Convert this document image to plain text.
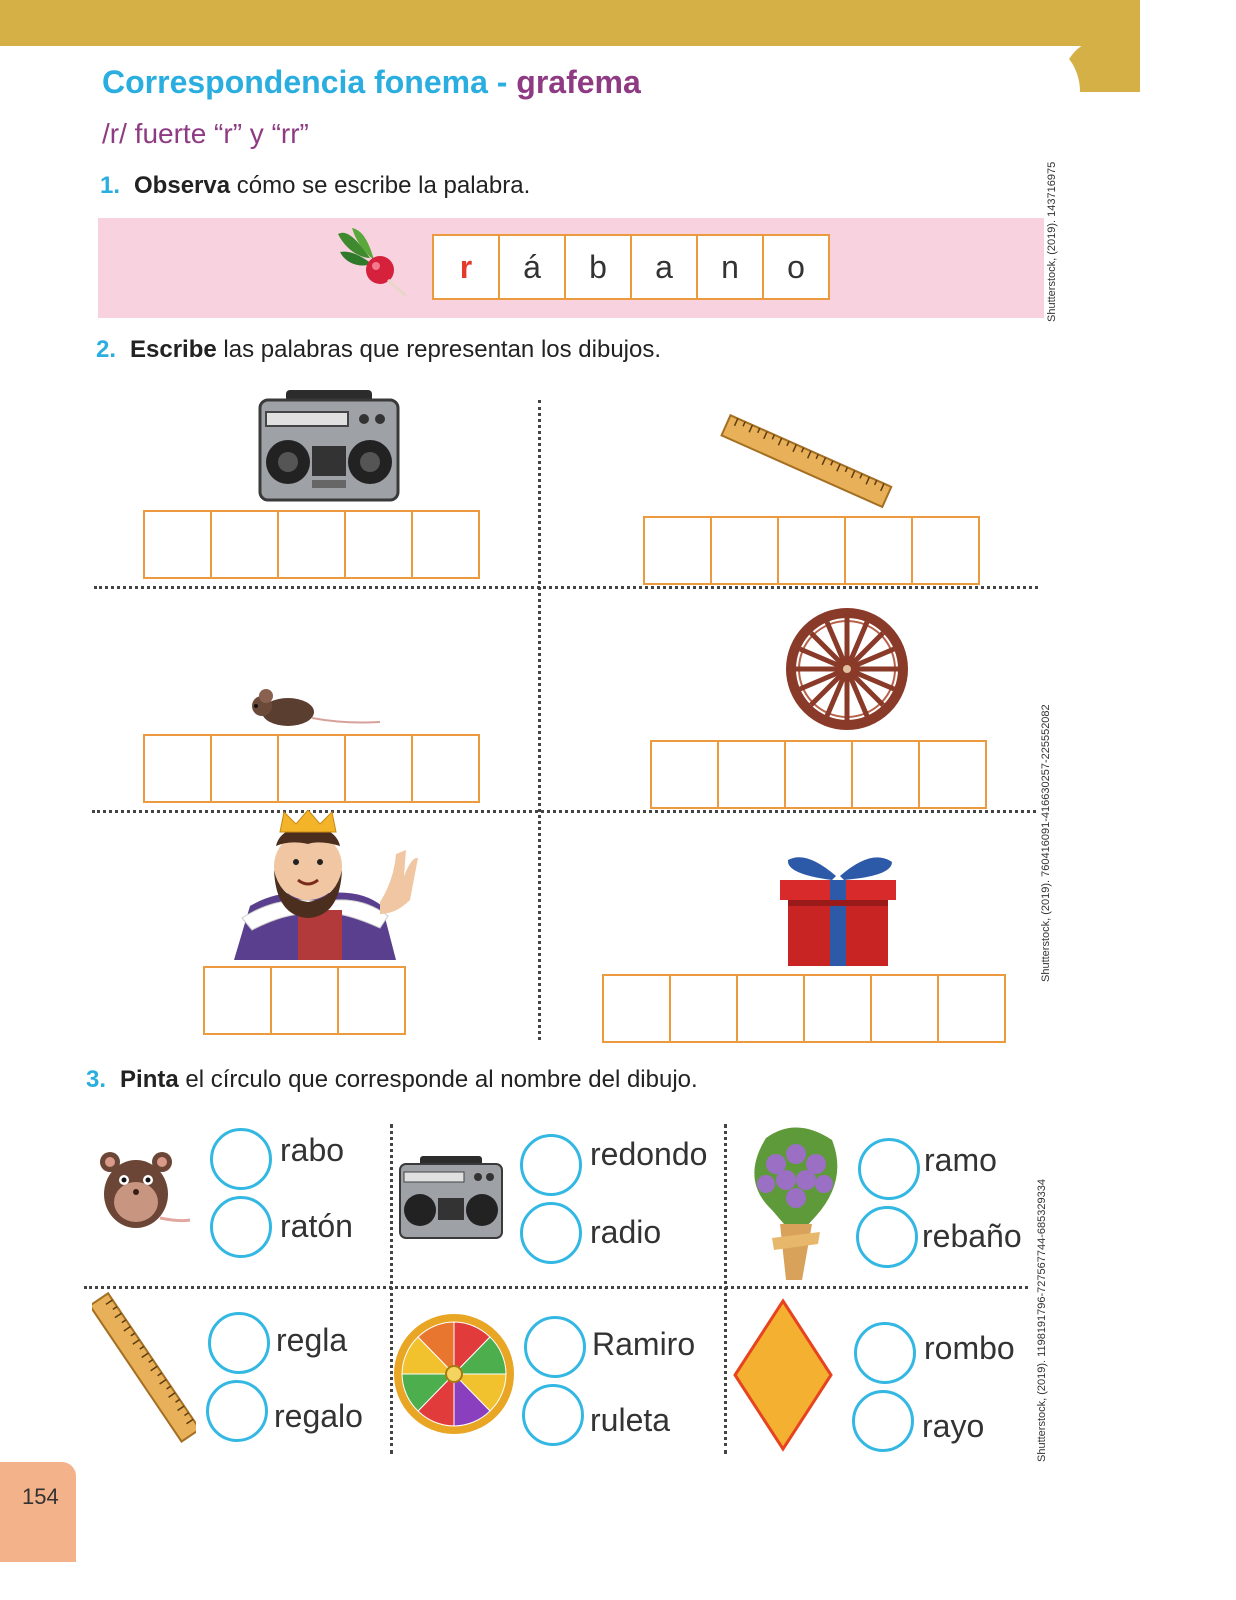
Correspondencia fonema - grafema
/r/ fuerte “r” y “rr”
1. Observa cómo se escribe la palabra.
r	á	b	a	n	o
2. Escribe las palabras que representan los dibujos.
3. Pinta el círculo que corresponde al nombre del dibujo.
rabo
ratón
redondo
radio
ramo
rebaño
regla
regalo
Ramiro
ruleta
rombo
rayo
Shutterstock, (2019). 143716975
Shutterstock, (2019). 760416091-41663025​7-225552082
Shutterstock, (2019). 1198191796-727567744-685329334
154
